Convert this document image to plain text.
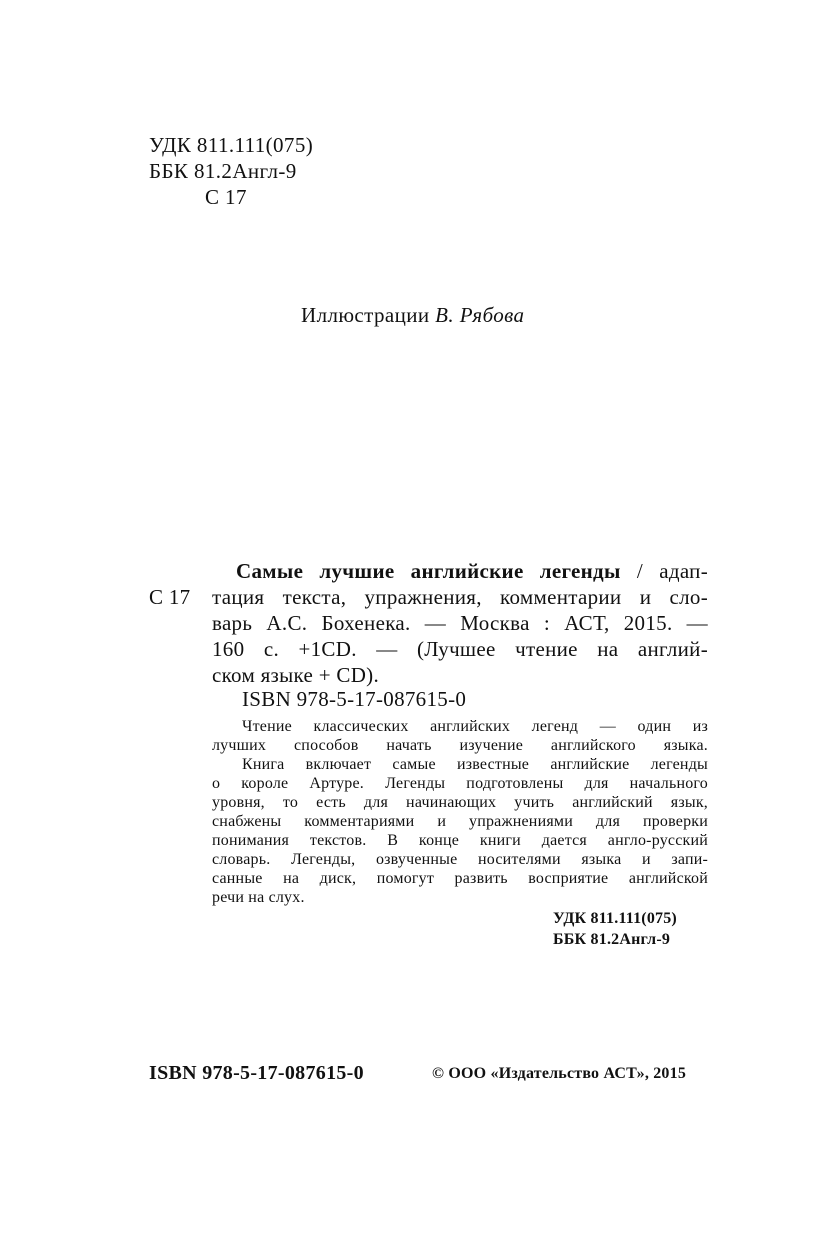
УДК 811.111(075)
ББК 81.2Англ-9
С 17
Иллюстрации В. Рябова
С 17
Самые лучшие английские легенды / адап-
тация текста, упражнения, комментарии и сло-
варь А.С. Бохенека. — Москва : АСТ, 2015. —
160 с. +1CD. — (Лучшее чтение на англий-
ском языке + CD).
ISBN 978-5-17-087615-0
Чтение классических английских легенд — один из
лучших способов начать изучение английского языка.
Книга включает самые известные английские легенды
о короле Артуре. Легенды подготовлены для начального
уровня, то есть для начинающих учить английский язык,
снабжены комментариями и упражнениями для проверки
понимания текстов. В конце книги дается англо-русский
словарь. Легенды, озвученные носителями языка и запи-
санные на диск, помогут развить восприятие английской
речи на слух.
УДК 811.111(075)
ББК 81.2Англ-9
ISBN 978-5-17-087615-0	© ООО «Издательство АСТ», 2015
